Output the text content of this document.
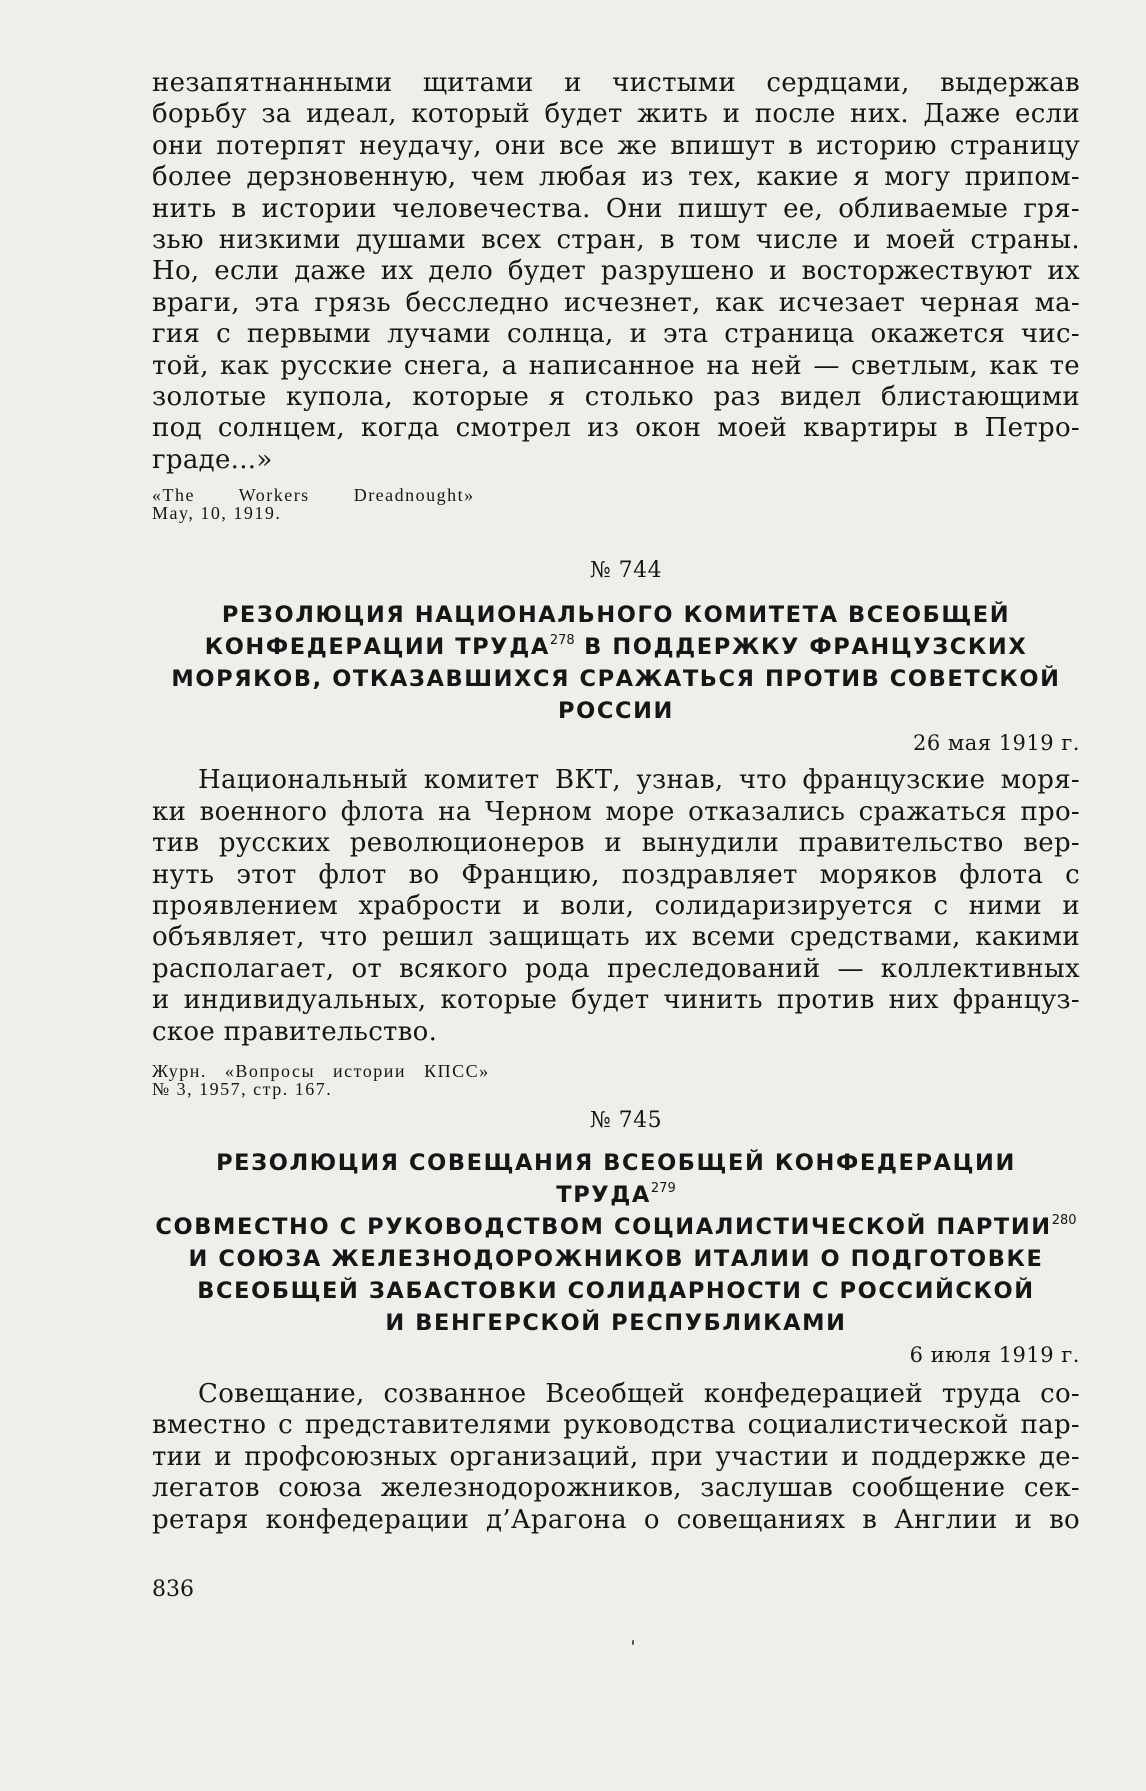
незапятнанными щитами и чистыми сердцами, выдержав

борьбу за идеал, который будет жить и после них. Даже если

они потерпят неудачу, они все же впишут в историю страницу

более дерзновенную, чем любая из тех, какие я могу припом-

нить в истории человечества. Они пишут ее, обливаемые гря-

зью низкими душами всех стран, в том числе и моей страны.

Но, если даже их дело будет разрушено и восторжествуют их

враги, эта грязь бесследно исчезнет, как исчезает черная ма-

гия с первыми лучами солнца, и эта страница окажется чис-

той, как русские снега, а написанное на ней — светлым, как те

золотые купола, которые я столько раз видел блистающими

под солнцем, когда смотрел из окон моей квартиры в Петро-

граде...»

«The Workers Dreadnought»

May, 10, 1919.

№ 744

РЕЗОЛЮЦИЯ НАЦИОНАЛЬНОГО КОМИТЕТА ВСЕОБЩЕЙ

КОНФЕДЕРАЦИИ ТРУДА$^{278}$ В ПОДДЕРЖКУ ФРАНЦУЗСКИХ

МОРЯКОВ, ОТКАЗАВШИХСЯ СРАЖАТЬСЯ ПРОТИВ СОВЕТСКОЙ

РОССИИ

26 мая 1919 г.

Национальный комитет ВКТ, узнав, что французские моря-

ки военного флота на Черном море отказались сражаться про-

тив русских революционеров и вынудили правительство вер-

нуть этот флот во Францию, поздравляет моряков флота с

проявлением храбрости и воли, солидаризируется с ними и

объявляет, что решил защищать их всеми средствами, какими

располагает, от всякого рода преследований — коллективных

и индивидуальных, которые будет чинить против них француз-

ское правительство.

Журн. «Вопросы истории КПСС»

№ 3, 1957, стр. 167.

№ 745

РЕЗОЛЮЦИЯ СОВЕЩАНИЯ ВСЕОБЩЕЙ КОНФЕДЕРАЦИИ ТРУДА$^{279}$

СОВМЕСТНО С РУКОВОДСТВОМ СОЦИАЛИСТИЧЕСКОЙ ПАРТИИ$^{280}$

И СОЮЗА ЖЕЛЕЗНОДОРОЖНИКОВ ИТАЛИИ О ПОДГОТОВКЕ

ВСЕОБЩЕЙ ЗАБАСТОВКИ СОЛИДАРНОСТИ С РОССИЙСКОЙ

И ВЕНГЕРСКОЙ РЕСПУБЛИКАМИ

6 июля 1919 г.

Совещание, созванное Всеобщей конфедерацией труда со-

вместно с представителями руководства социалистической пар-

тии и профсоюзных организаций, при участии и поддержке де-

легатов союза железнодорожников, заслушав сообщение сек-

ретаря конфедерации д’Арагона о совещаниях в Англии и во

836
